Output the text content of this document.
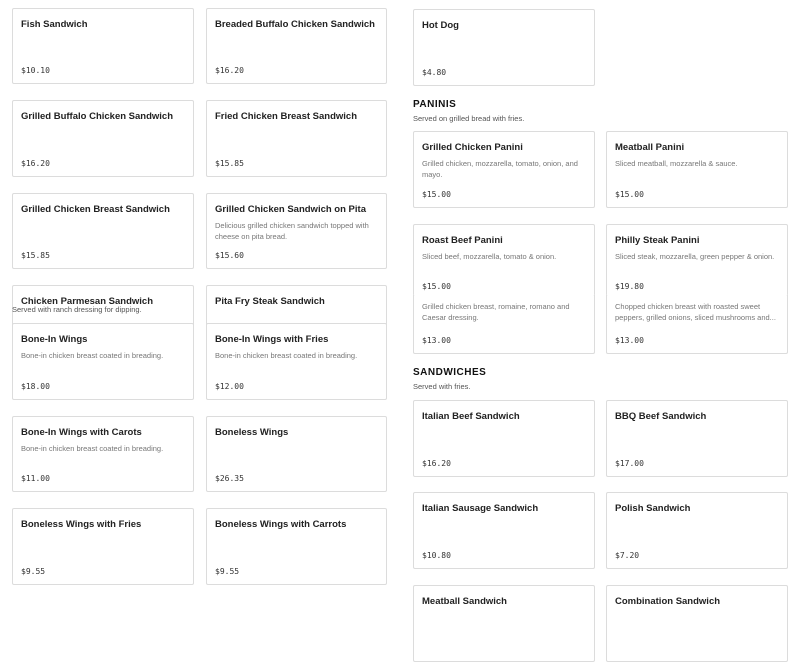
Fish Sandwich
$10.10
Breaded Buffalo Chicken Sandwich
$16.20
Grilled Buffalo Chicken Sandwich
$16.20
Fried Chicken Breast Sandwich
$15.85
Grilled Chicken Breast Sandwich
$15.85
Grilled Chicken Sandwich on Pita
Delicious grilled chicken sandwich topped with cheese on pita bread.
$15.60
Chicken Parmesan Sandwich	Pita Fry Steak Sandwich
Served with ranch dressing for dipping.
Bone-In Wings
Bone-in chicken breast coated in breading.
$18.00
Bone-In Wings with Fries
Bone-in chicken breast coated in breading.
$12.00
Bone-In Wings with Carots
Bone-in chicken breast coated in breading.
$11.00
Boneless Wings
$26.35
Boneless Wings with Fries
$9.55
Boneless Wings with Carrots
$9.55
Hot Dog
$4.80
PANINIS
Served on grilled bread with fries.
Grilled Chicken Panini
Grilled chicken, mozzarella, tomato, onion, and mayo.
$15.00
Meatball Panini
Sliced meatball, mozzarella & sauce.
$15.00
Roast Beef Panini
Sliced beef, mozzarella, tomato & onion.
$15.00
Philly Steak Panini
Sliced steak, mozzarella, green pepper & onion.
$19.80
Grilled chicken breast, romaine, romano and Caesar dressing.
$13.00
Chopped chicken breast with roasted sweet peppers, grilled onions, sliced mushrooms and...
$13.00
SANDWICHES
Served with fries.
Italian Beef Sandwich
$16.20
BBQ Beef Sandwich
$17.00
Italian Sausage Sandwich
$10.80
Polish Sandwich
$7.20
Meatball Sandwich	Combination Sandwich
